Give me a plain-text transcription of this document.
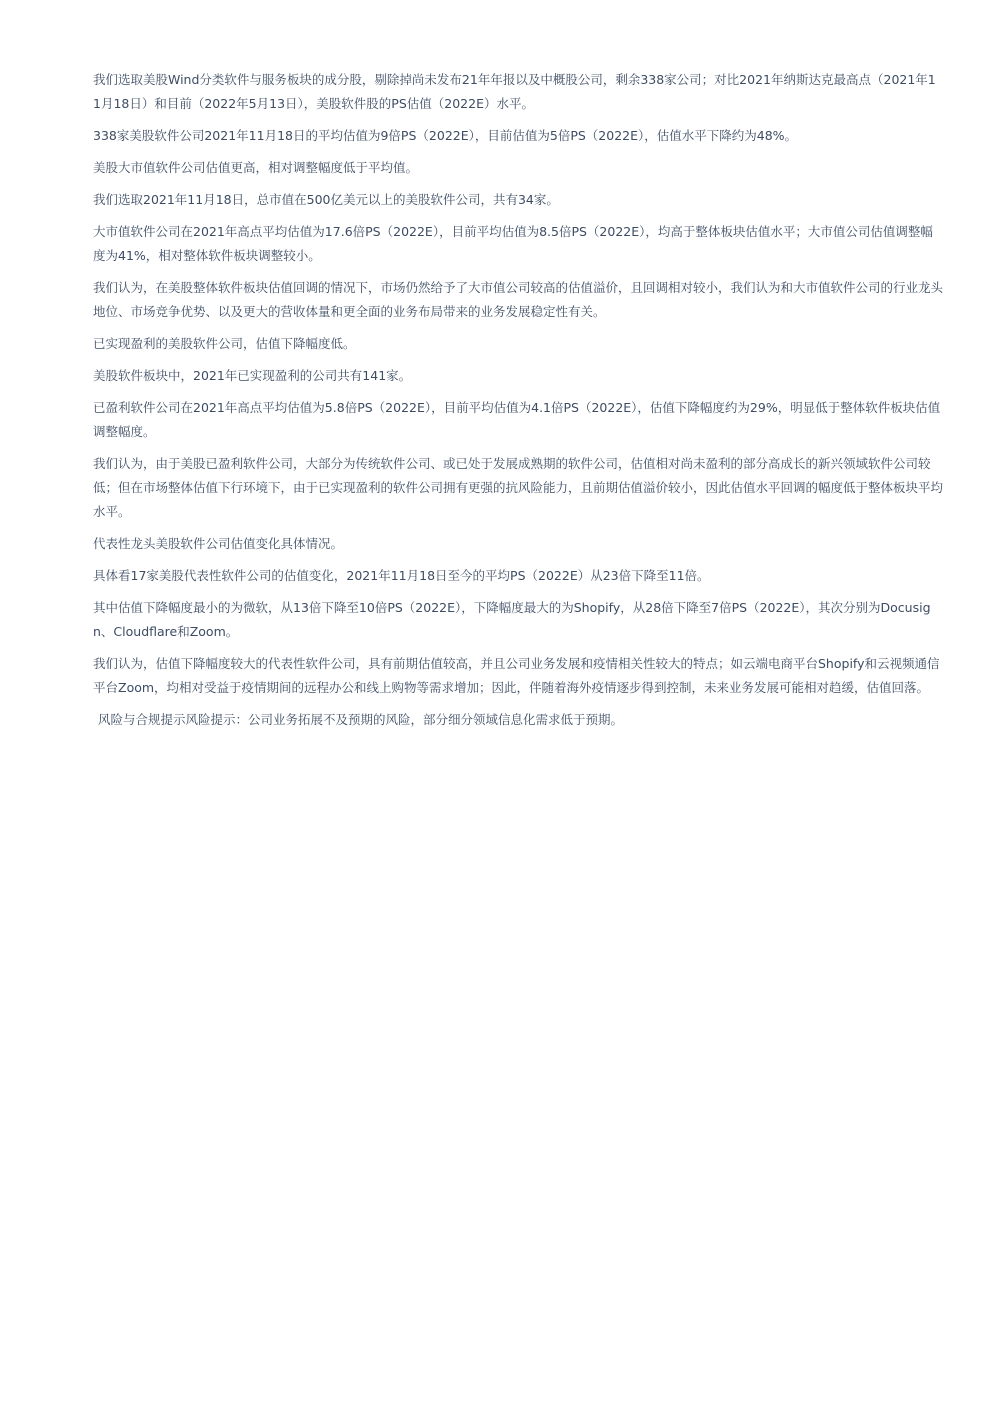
我们选取美股Wind分类软件与服务板块的成分股，剔除掉尚未发布21年年报以及中概股公司，剩余338家公司；对比2021年纳斯达克最高点（2021年11月18日）和目前（2022年5月13日），美股软件股的PS估值（2022E）水平。

338家美股软件公司2021年11月18日的平均估值为9倍PS（2022E），目前估值为5倍PS（2022E），估值水平下降约为48%。

美股大市值软件公司估值更高，相对调整幅度低于平均值。

我们选取2021年11月18日，总市值在500亿美元以上的美股软件公司，共有34家。

大市值软件公司在2021年高点平均估值为17.6倍PS（2022E），目前平均估值为8.5倍PS（2022E），均高于整体板块估值水平；大市值公司估值调整幅度为41%，相对整体软件板块调整较小。

我们认为，在美股整体软件板块估值回调的情况下，市场仍然给予了大市值公司较高的估值溢价，且回调相对较小，我们认为和大市值软件公司的行业龙头地位、市场竞争优势、以及更大的营收体量和更全面的业务布局带来的业务发展稳定性有关。

已实现盈利的美股软件公司，估值下降幅度低。

美股软件板块中，2021年已实现盈利的公司共有141家。

已盈利软件公司在2021年高点平均估值为5.8倍PS（2022E），目前平均估值为4.1倍PS（2022E），估值下降幅度约为29%，明显低于整体软件板块估值调整幅度。

我们认为，由于美股已盈利软件公司，大部分为传统软件公司、或已处于发展成熟期的软件公司，估值相对尚未盈利的部分高成长的新兴领域软件公司较低；但在市场整体估值下行环境下，由于已实现盈利的软件公司拥有更强的抗风险能力，且前期估值溢价较小，因此估值水平回调的幅度低于整体板块平均水平。

代表性龙头美股软件公司估值变化具体情况。

具体看17家美股代表性软件公司的估值变化，2021年11月18日至今的平均PS（2022E）从23倍下降至11倍。

其中估值下降幅度最小的为微软，从13倍下降至10倍PS（2022E），下降幅度最大的为Shopify，从28倍下降至7倍PS（2022E），其次分别为Docusign、Cloudflare和Zoom。

我们认为，估值下降幅度较大的代表性软件公司，具有前期估值较高，并且公司业务发展和疫情相关性较大的特点；如云端电商平台Shopify和云视频通信平台Zoom，均相对受益于疫情期间的远程办公和线上购物等需求增加；因此，伴随着海外疫情逐步得到控制，未来业务发展可能相对趋缓，估值回落。

风险与合规提示风险提示：公司业务拓展不及预期的风险，部分细分领域信息化需求低于预期。
